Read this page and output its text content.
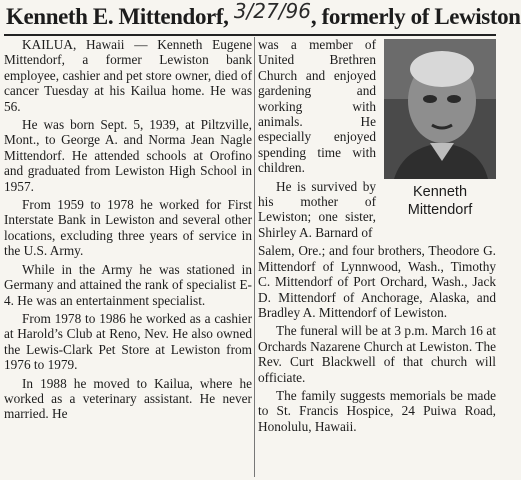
Kenneth E. Mittendorf, 3/27/96, formerly of Lewiston

KAILUA, Hawaii — Kenneth Eugene Mittendorf, a former Lewiston bank employee, cashier and pet store owner, died of cancer Tuesday at his Kailua home. He was 56.

He was born Sept. 5, 1939, at Piltzville, Mont., to George A. and Norma Jean Nagle Mittendorf. He attended schools at Orofino and graduated from Lewiston High School in 1957.

From 1959 to 1978 he worked for First Interstate Bank in Lewiston and several other locations, excluding three years of service in the U.S. Army.

While in the Army he was stationed in Germany and attained the rank of specialist E-4. He was an entertainment specialist.

From 1978 to 1986 he worked as a cashier at Harold’s Club at Reno, Nev. He also owned the Lewis-Clark Pet Store at Lewiston from 1976 to 1979.

In 1988 he moved to Kailua, where he worked as a veterinary assistant. He never married. He

Kenneth
Mittendorf

was a member of United Brethren Church and enjoyed gardening and working with animals. He especially enjoyed spending time with children.

He is survived by his mother of Lewiston; one sister, Shirley A. Barnard of

Salem, Ore.; and four brothers, Theodore G. Mittendorf of Lynnwood, Wash., Timothy C. Mittendorf of Port Orchard, Wash., Jack D. Mittendorf of Anchorage, Alaska, and Bradley A. Mittendorf of Lewiston.

The funeral will be at 3 p.m. March 16 at Orchards Nazarene Church at Lewiston. The Rev. Curt Blackwell of that church will officiate.

The family suggests memorials be made to St. Francis Hospice, 24 Puiwa Road, Honolulu, Hawaii.
